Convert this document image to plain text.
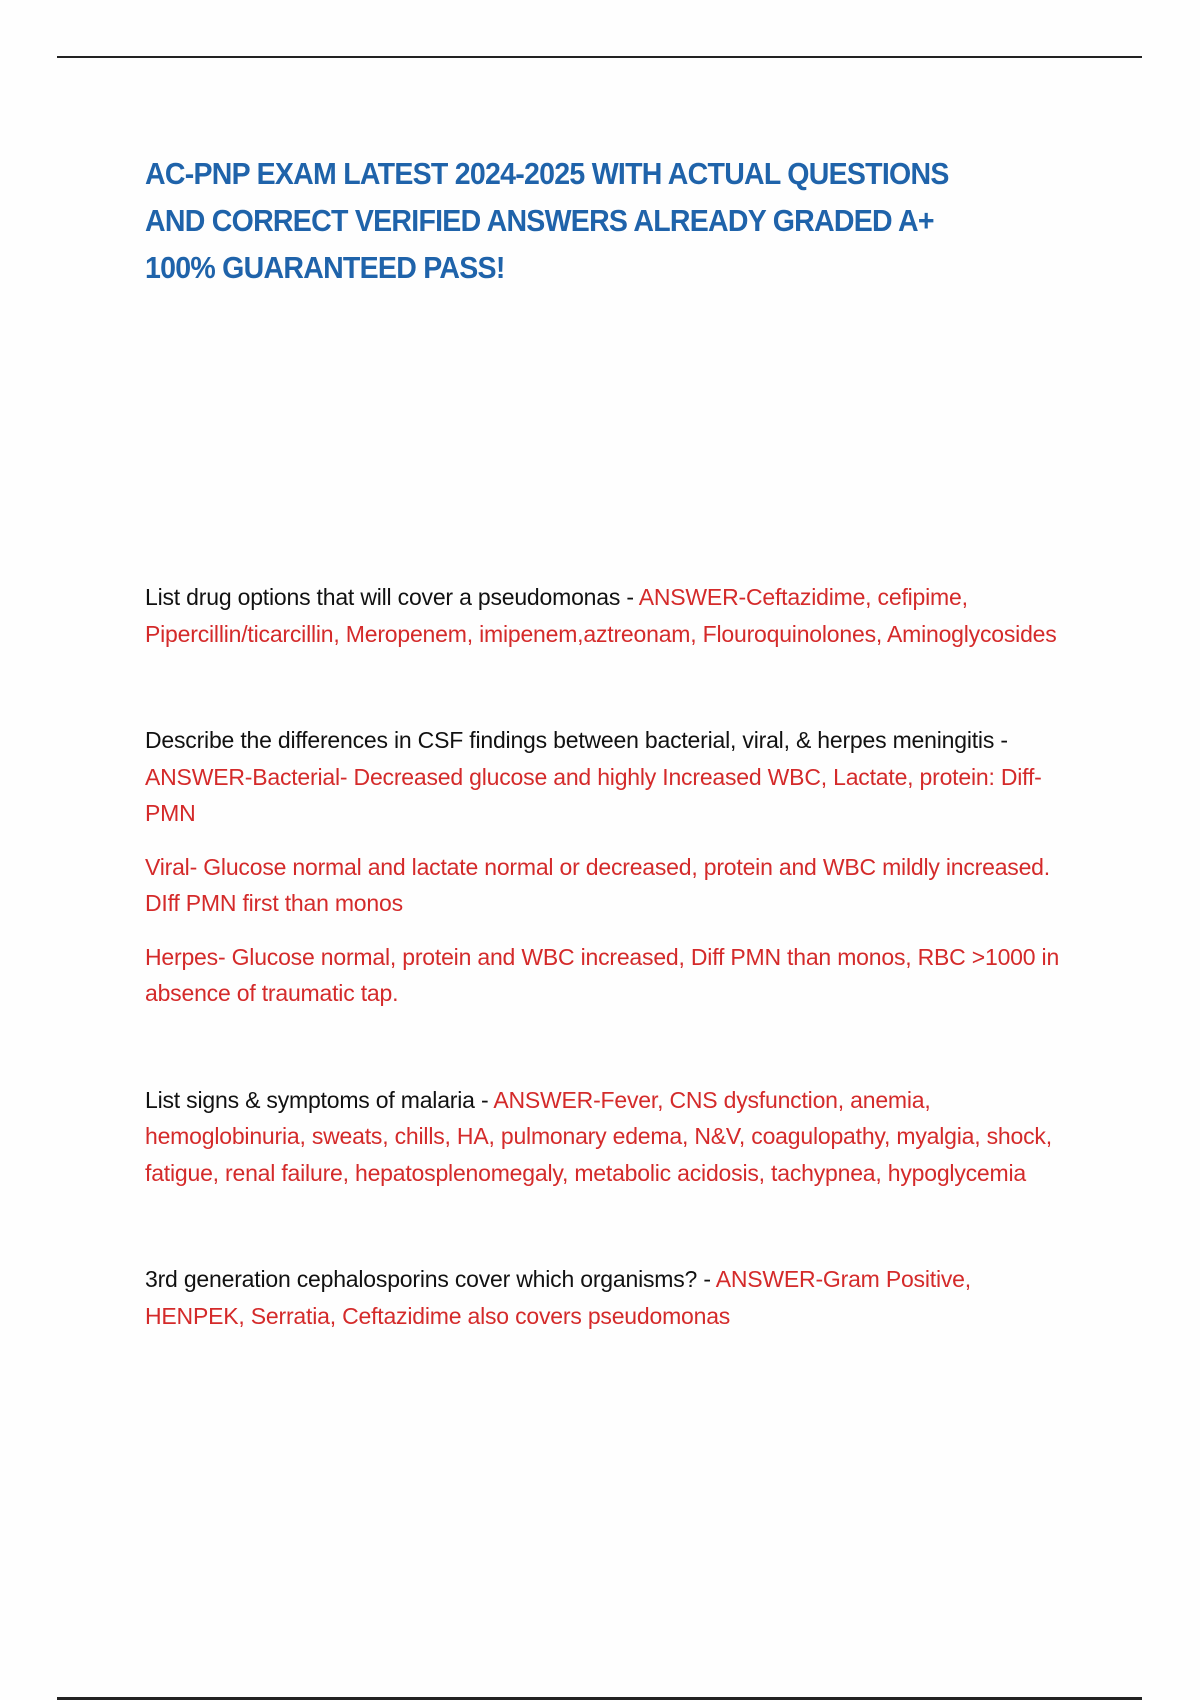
AC-PNP EXAM LATEST 2024-2025 WITH ACTUAL QUESTIONS AND CORRECT VERIFIED ANSWERS ALREADY GRADED A+ 100% GUARANTEED PASS!

List drug options that will cover a pseudomonas - ANSWER-Ceftazidime, cefipime, Pipercillin/ticarcillin, Meropenem, imipenem,aztreonam, Flouroquinolones, Aminoglycosides

Describe the differences in CSF findings between bacterial, viral, & herpes meningitis - ANSWER-Bacterial- Decreased glucose and highly Increased WBC, Lactate, protein: Diff- PMN

Viral- Glucose normal and lactate normal or decreased, protein and WBC mildly increased. DIff PMN first than monos

Herpes- Glucose normal, protein and WBC increased, Diff PMN than monos, RBC >1000 in absence of traumatic tap.

List signs & symptoms of malaria - ANSWER-Fever, CNS dysfunction, anemia, hemoglobinuria, sweats, chills, HA, pulmonary edema, N&V, coagulopathy, myalgia, shock, fatigue, renal failure, hepatosplenomegaly, metabolic acidosis, tachypnea, hypoglycemia

3rd generation cephalosporins cover which organisms? - ANSWER-Gram Positive, HENPEK, Serratia, Ceftazidime also covers pseudomonas
